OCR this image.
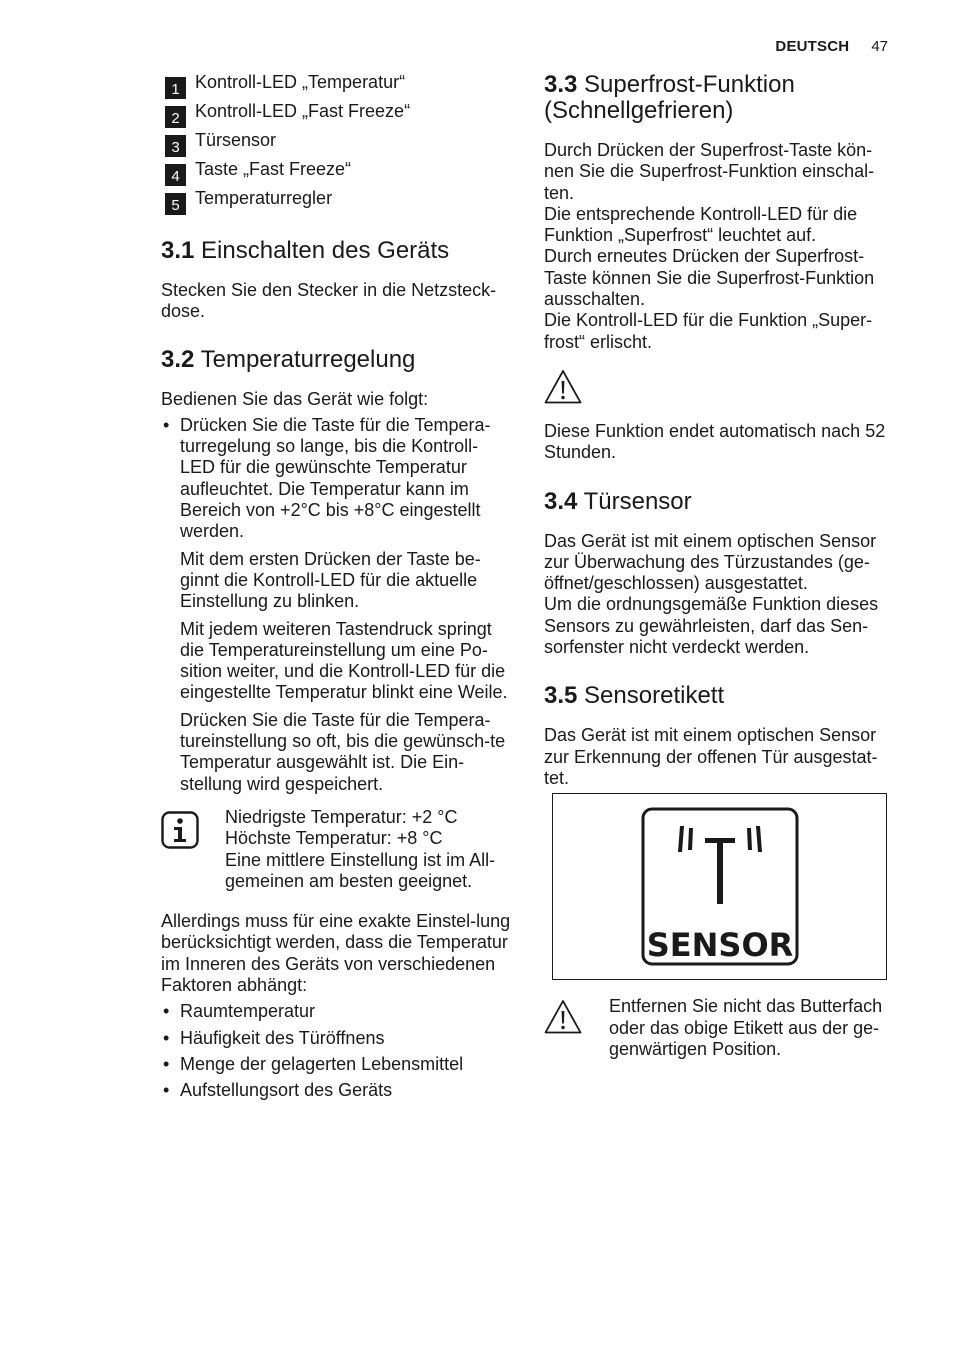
DEUTSCH 47
1 Kontroll-LED „Temperatur“
2 Kontroll-LED „Fast Freeze“
3 Türsensor
4 Taste „Fast Freeze“
5 Temperaturregler
3.1 Einschalten des Geräts

Stecken Sie den Stecker in die Netzsteck-dose.

3.2 Temperaturregelung

Bedienen Sie das Gerät wie folgt:

• Drücken Sie die Taste für die Tempera-turregelung so lange, bis die Kontroll-LED für die gewünschte Temperatur aufleuchtet. Die Temperatur kann im Bereich von +2°C bis +8°C eingestellt werden.

Mit dem ersten Drücken der Taste be-ginnt die Kontroll-LED für die aktuelle Einstellung zu blinken.

Mit jedem weiteren Tastendruck springt die Temperatureinstellung um eine Po-sition weiter, und die Kontroll-LED für die eingestellte Temperatur blinkt eine Weile.

Drücken Sie die Taste für die Tempera-tureinstellung so oft, bis die gewünsch-te Temperatur ausgewählt ist. Die Ein-stellung wird gespeichert.

Niedrigste Temperatur: +2 °C

Höchste Temperatur: +8 °C

Eine mittlere Einstellung ist im All-gemeinen am besten geeignet.

Allerdings muss für eine exakte Einstel-lung berücksichtigt werden, dass die Temperatur im Inneren des Geräts von verschiedenen Faktoren abhängt:

• Raumtemperatur
• Häufigkeit des Türöffnens
• Menge der gelagerten Lebensmittel
• Aufstellungsort des Geräts
3.3 Superfrost-Funktion
(Schnellgefrieren)

Durch Drücken der Superfrost-Taste kön-nen Sie die Superfrost-Funktion einschal-ten.

Die entsprechende Kontroll-LED für die Funktion „Superfrost“ leuchtet auf.

Durch erneutes Drücken der Superfrost-Taste können Sie die Superfrost-Funktion ausschalten.

Die Kontroll-LED für die Funktion „Super-frost“ erlischt.

Diese Funktion endet automatisch nach 52 Stunden.

3.4 Türsensor

Das Gerät ist mit einem optischen Sensor zur Überwachung des Türzustandes (ge-öffnet/geschlossen) ausgestattet.

Um die ordnungsgemäße Funktion dieses Sensors zu gewährleisten, darf das Sen-sorfenster nicht verdeckt werden.

3.5 Sensoretikett

Das Gerät ist mit einem optischen Sensor zur Erkennung der offenen Tür ausgestat-tet.

SENSOR

Entfernen Sie nicht das Butterfach oder das obige Etikett aus der ge-genwärtigen Position.
